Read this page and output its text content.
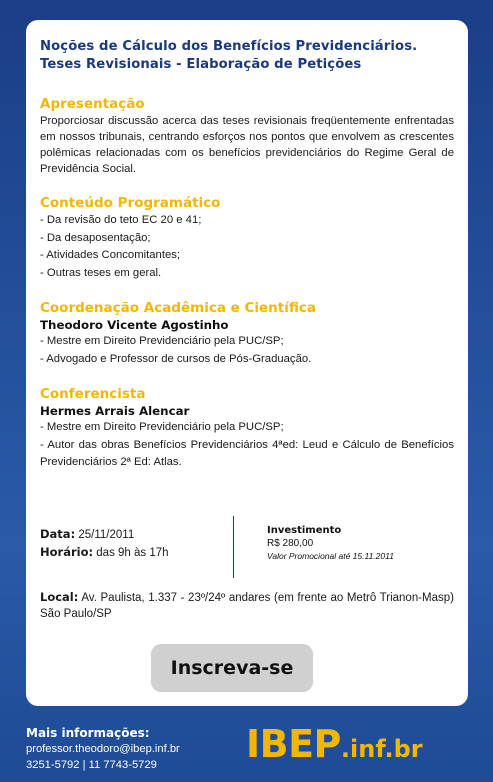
Noções de Cálculo dos Benefícios Previdenciários.
Teses Revisionais - Elaboração de Petições
Apresentação

Proporciosar discussão acerca das teses revisionais freqüentemente enfrentadas em nossos tribunais, centrando esforços nos pontos que envolvem as crescentes polêmicas relacionadas com os benefícios previdenciários do Regime Geral de Previdência Social.

Conteúdo Programático
- Da revisão do teto EC 20 e 41;
- Da desaposentação;
- Atividades Concomitantes;
- Outras teses em geral.
Coordenação Acadêmica e Científica
Theodoro Vicente Agostinho
- Mestre em Direito Previdenciário pela PUC/SP;
- Advogado e Professor de cursos de Pós-Graduação.
Conferencista
Hermes Arrais Alencar
- Mestre em Direito Previdenciário pela PUC/SP;
- Autor das obras Benefícios Previdenciários 4ªed: Leud e Cálculo de Benefícios Previdenciários 2ª Ed: Atlas.
Data: 25/11/2011
Horário: das 9h às 17h
Investimento
R$ 280,00
Valor Promocional até 15.11.2011
Local: Av. Paulista, 1.337 - 23º/24º andares (em frente ao Metrô Trianon-Masp) São Paulo/SP
Inscreva-se
Mais informações:
professor.theodoro@ibep.inf.br
3251-5792 | 11 7743-5729	IBEP.inf.br
